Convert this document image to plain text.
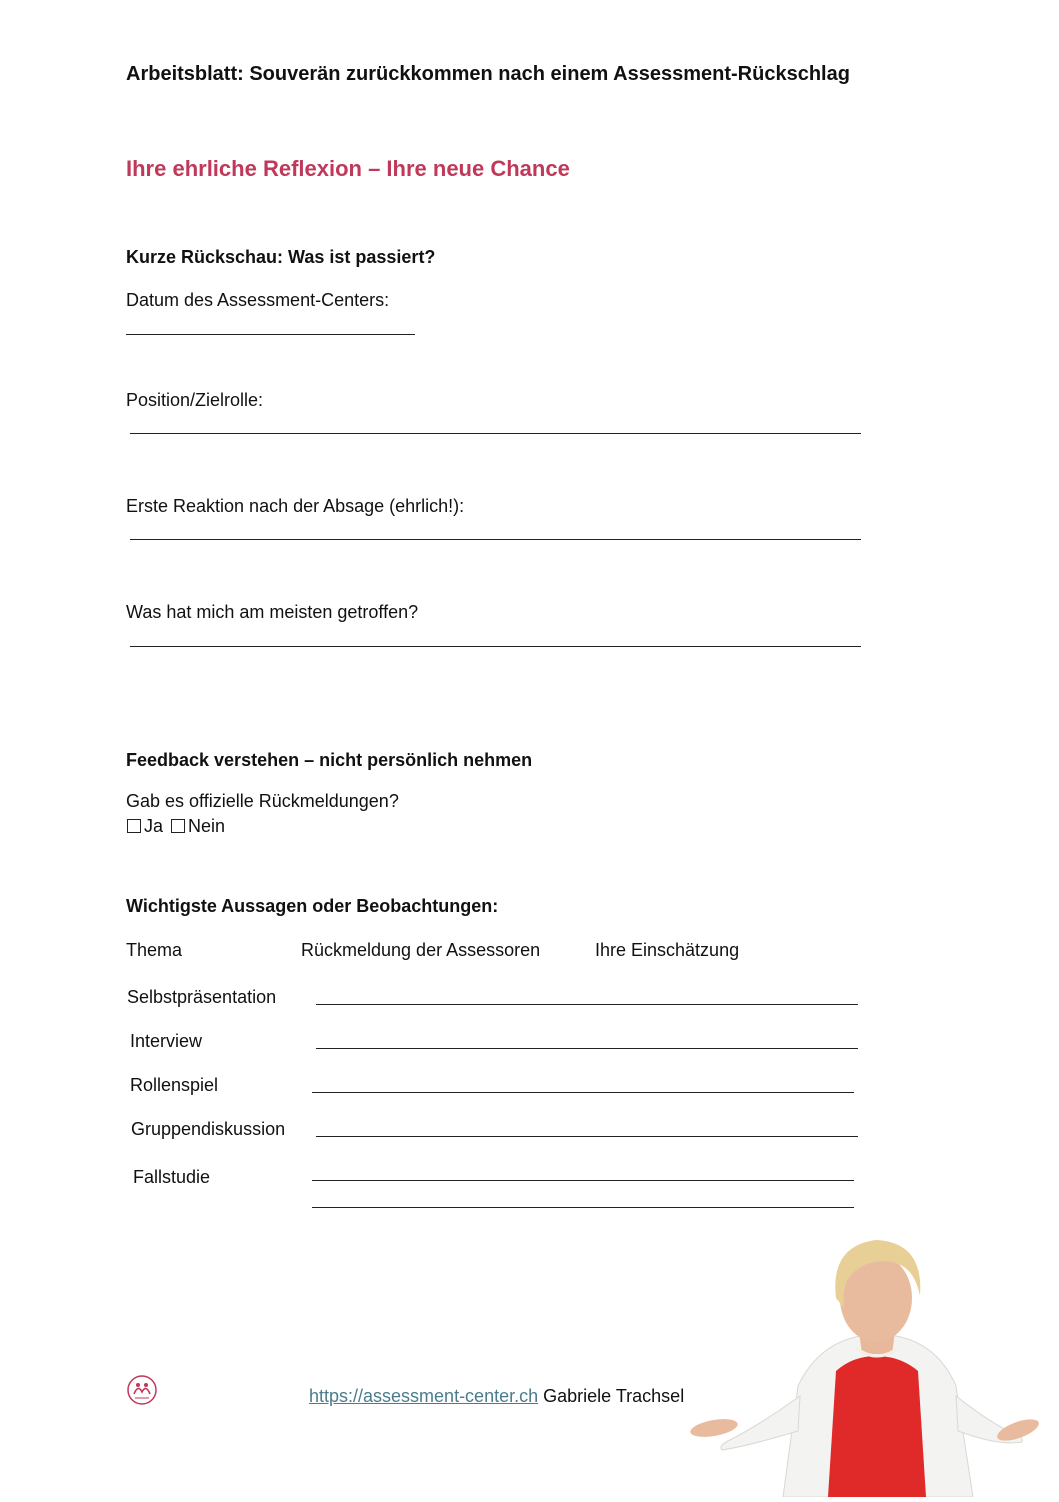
Arbeitsblatt: Souverän zurückkommen nach einem Assessment-Rückschlag
Ihre ehrliche Reflexion – Ihre neue Chance
Kurze Rückschau: Was ist passiert?
Datum des Assessment-Centers:
Position/Zielrolle:
Erste Reaktion nach der Absage (ehrlich!):
Was hat mich am meisten getroffen?
Feedback verstehen – nicht persönlich nehmen
Gab es offizielle Rückmeldungen?
Ja Nein
Wichtigste Aussagen oder Beobachtungen:
Thema	Rückmeldung der Assessoren	Ihre Einschätzung
Selbstpräsentation
Interview
Rollenspiel
Gruppendiskussion
Fallstudie
https://assessment-center.ch Gabriele Trachsel
